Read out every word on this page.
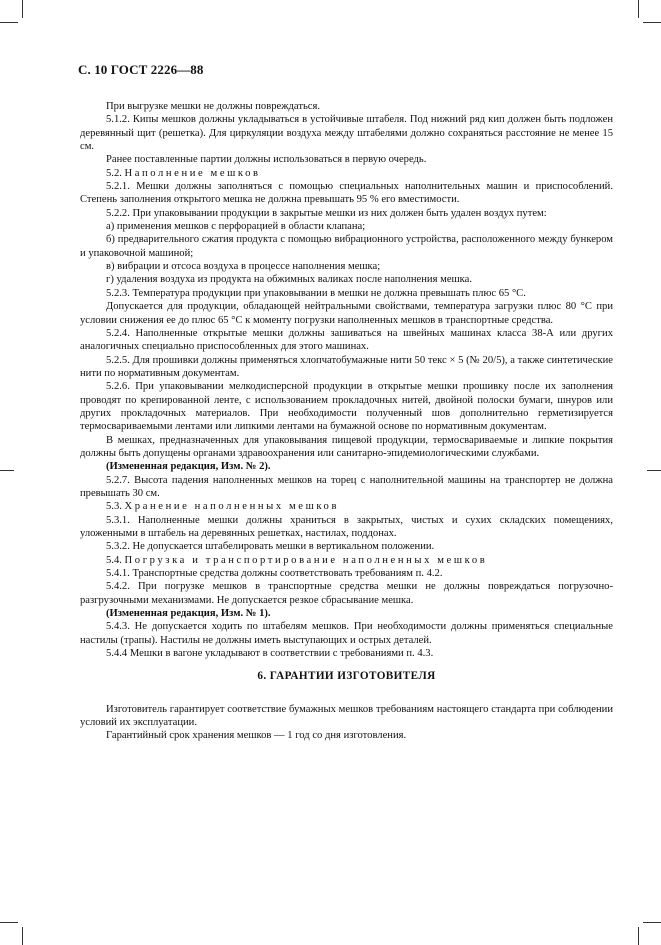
С. 10 ГОСТ 2226—88

При выгрузке мешки не должны повреждаться.

5.1.2. Кипы мешков должны укладываться в устойчивые штабеля. Под нижний ряд кип должен быть подложен деревянный щит (решетка). Для циркуляции воздуха между штабелями должно сохраняться расстояние не менее 15 см.

Ранее поставленные партии должны использоваться в первую очередь.

5.2. Наполнение мешков

5.2.1. Мешки должны заполняться с помощью специальных наполнительных машин и приспособлений. Степень заполнения открытого мешка не должна превышать 95 % его вместимости.

5.2.2. При упаковывании продукции в закрытые мешки из них должен быть удален воздух путем:

а) применения мешков с перфорацией в области клапана;

б) предварительного сжатия продукта с помощью вибрационного устройства, расположенного между бункером и упаковочной машиной;

в) вибрации и отсоса воздуха в процессе наполнения мешка;

г) удаления воздуха из продукта на обжимных валиках после наполнения мешка.

5.2.3. Температура продукции при упаковывании в мешки не должна превышать плюс 65 °С.

Допускается для продукции, обладающей нейтральными свойствами, температура загрузки плюс 80 °С при условии снижения ее до плюс 65 °С к моменту погрузки наполненных мешков в транспортные средства.

5.2.4. Наполненные открытые мешки должны зашиваться на швейных машинах класса 38-А или других аналогичных специально приспособленных для этого машинах.

5.2.5. Для прошивки должны применяться хлопчатобумажные нити 50 текс × 5 (№ 20/5), а также синтетические нити по нормативным документам.

5.2.6. При упаковывании мелкодисперсной продукции в открытые мешки прошивку после их заполнения проводят по крепированной ленте, с использованием прокладочных нитей, двойной полоски бумаги, шнуров или других прокладочных материалов. При необходимости полученный шов дополнительно герметизируется термосвариваемыми лентами или липкими лентами на бумажной основе по нормативным документам.

В мешках, предназначенных для упаковывания пищевой продукции, термосвариваемые и липкие покрытия должны быть допущены органами здравоохранения или санитарно-эпидемиологическими службами.

(Измененная редакция, Изм. № 2).

5.2.7. Высота падения наполненных мешков на торец с наполнительной машины на транспортер не должна превышать 30 см.

5.3. Хранение наполненных мешков

5.3.1. Наполненные мешки должны храниться в закрытых, чистых и сухих складских помещениях, уложенными в штабель на деревянных решетках, настилах, поддонах.

5.3.2. Не допускается штабелировать мешки в вертикальном положении.

5.4. Погрузка и транспортирование наполненных мешков

5.4.1. Транспортные средства должны соответствовать требованиям п. 4.2.

5.4.2. При погрузке мешков в транспортные средства мешки не должны повреждаться погрузочно-разгрузочными механизмами. Не допускается резкое сбрасывание мешка.

(Измененная редакция, Изм. № 1).

5.4.3. Не допускается ходить по штабелям мешков. При необходимости должны применяться специальные настилы (трапы). Настилы не должны иметь выступающих и острых деталей.

5.4.4 Мешки в вагоне укладывают в соответствии с требованиями п. 4.3.

6. ГАРАНТИИ ИЗГОТОВИТЕЛЯ

Изготовитель гарантирует соответствие бумажных мешков требованиям настоящего стандарта при соблюдении условий их эксплуатации.

Гарантийный срок хранения мешков — 1 год со дня изготовления.
